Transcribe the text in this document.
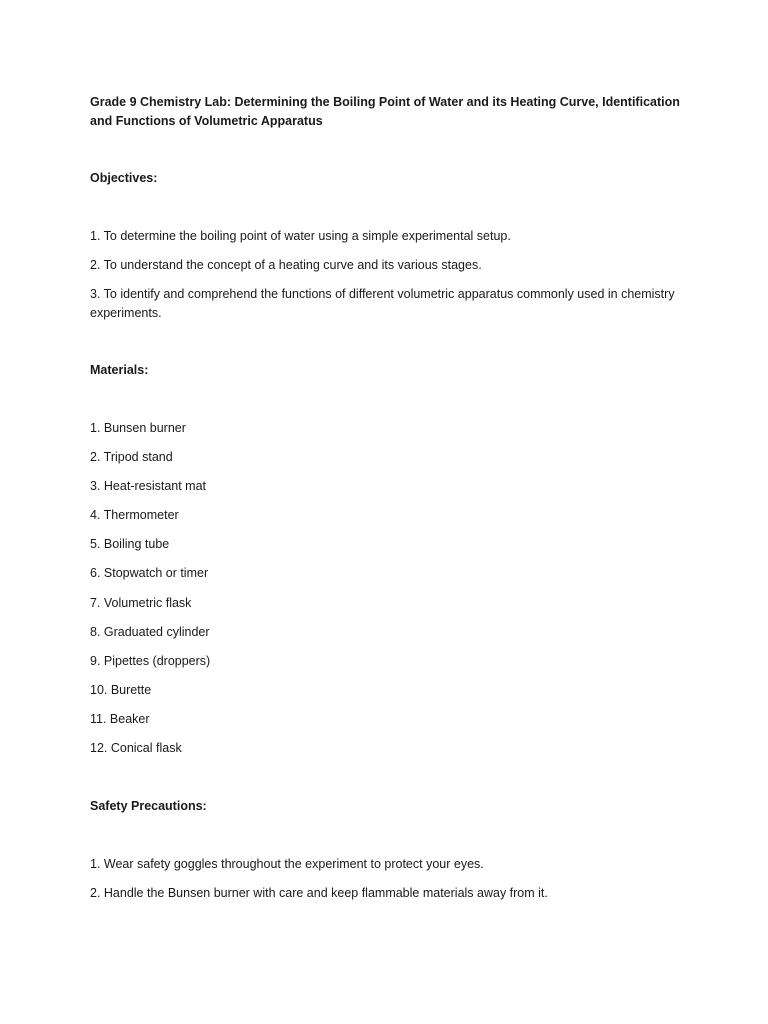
Grade 9 Chemistry Lab: Determining the Boiling Point of Water and its Heating Curve, Identification and Functions of Volumetric Apparatus

Objectives:

1. To determine the boiling point of water using a simple experimental setup.

2. To understand the concept of a heating curve and its various stages.

3. To identify and comprehend the functions of different volumetric apparatus commonly used in chemistry experiments.

Materials:

1. Bunsen burner

2. Tripod stand

3. Heat-resistant mat

4. Thermometer

5. Boiling tube

6. Stopwatch or timer

7. Volumetric flask

8. Graduated cylinder

9. Pipettes (droppers)

10. Burette

11. Beaker

12. Conical flask

Safety Precautions:

1. Wear safety goggles throughout the experiment to protect your eyes.

2. Handle the Bunsen burner with care and keep flammable materials away from it.
